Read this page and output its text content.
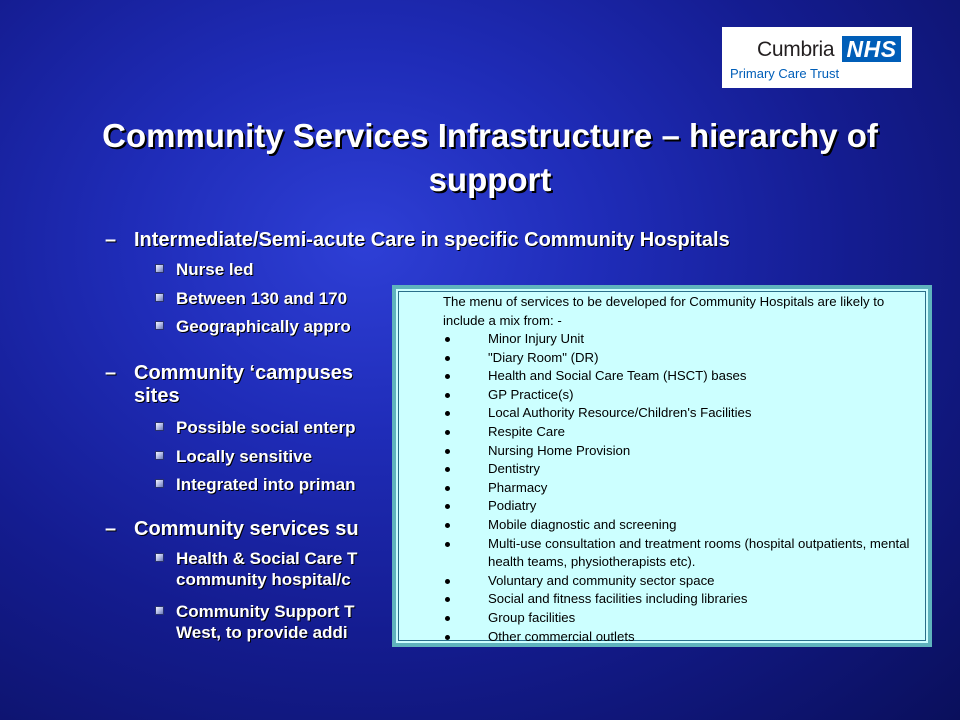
Cumbria NHS
Primary Care Trust
Community Services Infrastructure – hierarchy of support
– Intermediate/Semi-acute Care in specific Community Hospitals
Nurse led
Between 130 and 170
Geographically appro
– Community ‘campuses
sites
Possible social enterp
Locally sensitive
Integrated into priman
– Community services su
Health & Social Care T
community hospital/c
Community Support T
West, to provide addi
The menu of services to be developed for Community Hospitals are likely to include a mix from: -
Minor Injury Unit
"Diary Room" (DR)
Health and Social Care Team (HSCT) bases
GP Practice(s)
Local Authority Resource/Children's Facilities
Respite Care
Nursing Home Provision
Dentistry
Pharmacy
Podiatry
Mobile diagnostic and screening
Multi-use consultation and treatment rooms (hospital outpatients, mental health teams, physiotherapists etc).
Voluntary and community sector space
Social and fitness facilities including libraries
Group facilities
Other commercial outlets
